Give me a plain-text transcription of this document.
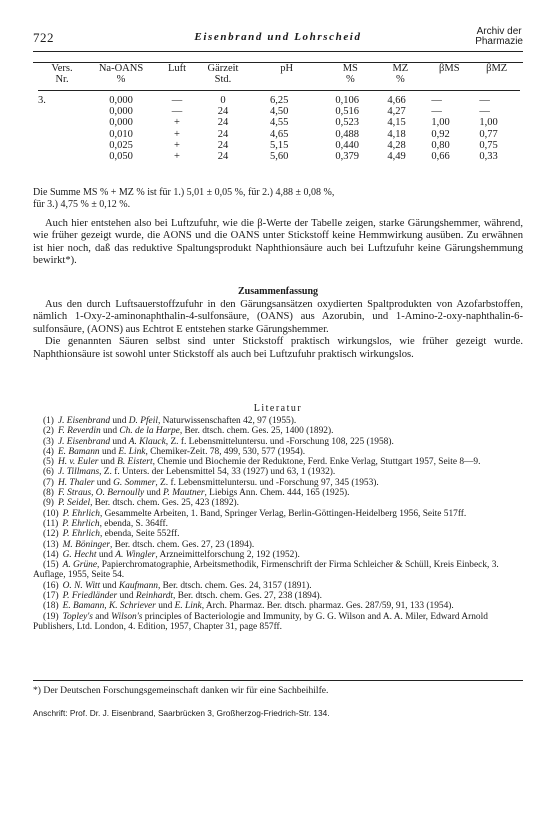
722	Eisenbrand und Lohrscheid	Archiv der
Pharmazie
Vers.	Na-OANS	Luft	Gärzeit	pH	MS	MZ	βMS	βMZ
Nr.	%		Std.		%	%		

3.	0,000	—	0	6,25	0,106	4,66	—	—
	0,000	—	24	4,50	0,516	4,27	—	—
	0,000	+	24	4,55	0,523	4,15	1,00	1,00
	0,010	+	24	4,65	0,488	4,18	0,92	0,77
	0,025	+	24	5,15	0,440	4,28	0,80	0,75
	0,050	+	24	5,60	0,379	4,49	0,66	0,33
Die Summe MS % + MZ % ist für 1.) 5,01 ± 0,05 %, für 2.) 4,88 ± 0,08 %,
für 3.) 4,75 % ± 0,12 %.

Auch hier entstehen also bei Luftzufuhr, wie die β-Werte der Tabelle zeigen, starke Gärungshemmer, während, wie früher gezeigt wurde, die AONS und die OANS unter Stickstoff keine Hemmwirkung ausüben. Zu erwähnen ist hier noch, daß das reduktive Spaltungsprodukt Naphthionsäure auch bei Luftzufuhr keine Gärungshemmung bewirkt*).

Zusammenfassung

Aus den durch Luftsauerstoffzufuhr in den Gärungsansätzen oxydierten Spaltprodukten von Azofarbstoffen, nämlich 1-Oxy-2-aminonaphthalin-4-sulfonsäure, (OANS) aus Azorubin, und 1-Amino-2-oxy-naphthalin-6-sulfonsäure, (AONS) aus Echtrot E entstehen starke Gärungshemmer.

Die genannten Säuren selbst sind unter Stickstoff praktisch wirkungslos, wie früher gezeigt wurde. Naphthionsäure ist sowohl unter Stickstoff als auch bei Luftzufuhr praktisch wirkungslos.

Literatur
(1) J. Eisenbrand und D. Pfeil, Naturwissenschaften 42, 97 (1955).
(2) F. Reverdin und Ch. de la Harpe, Ber. dtsch. chem. Ges. 25, 1400 (1892).
(3) J. Eisenbrand und A. Klauck, Z. f. Lebensmitteluntersu. und -Forschung 108, 225 (1958).
(4) E. Bamann und E. Link, Chemiker-Zeit. 78, 499, 530, 577 (1954).
(5) H. v. Euler und B. Eistert, Chemie und Biochemie der Reduktone, Ferd. Enke Verlag, Stuttgart 1957, Seite 8—9.
(6) J. Tillmans, Z. f. Unters. der Lebensmittel 54, 33 (1927) und 63, 1 (1932).
(7) H. Thaler und G. Sommer, Z. f. Lebensmitteluntersu. und -Forschung 97, 345 (1953).
(8) F. Straus, O. Bernoully und P. Mautner, Liebigs Ann. Chem. 444, 165 (1925).
(9) P. Seidel, Ber. dtsch. chem. Ges. 25, 423 (1892).
(10) P. Ehrlich, Gesammelte Arbeiten, 1. Band, Springer Verlag, Berlin-Göttingen-Heidelberg 1956, Seite 517ff.
(11) P. Ehrlich, ebenda, S. 364ff.
(12) P. Ehrlich, ebenda, Seite 552ff.
(13) M. Böninger, Ber. dtsch. chem. Ges. 27, 23 (1894).
(14) G. Hecht und A. Wingler, Arzneimittelforschung 2, 192 (1952).
(15) A. Grüne, Papierchromatographie, Arbeitsmethodik, Firmenschrift der Firma Schleicher & Schüll, Kreis Einbeck, 3. Auflage, 1955, Seite 54.
(16) O. N. Witt und Kaufmann, Ber. dtsch. chem. Ges. 24, 3157 (1891).
(17) P. Friedländer und Reinhardt, Ber. dtsch. chem. Ges. 27, 238 (1894).
(18) E. Bamann, K. Schriever und E. Link, Arch. Pharmaz. Ber. dtsch. pharmaz. Ges. 287/59, 91, 133 (1954).
(19) Topley's and Wilson's principles of Bacteriologie and Immunity, by G. G. Wilson and A. A. Miler, Edward Arnold Publishers, Ltd. London, 4. Edition, 1957, Chapter 31, page 857ff.
*) Der Deutschen Forschungsgemeinschaft danken wir für eine Sachbeihilfe.
Anschrift: Prof. Dr. J. Eisenbrand, Saarbrücken 3, Großherzog-Friedrich-Str. 134.
